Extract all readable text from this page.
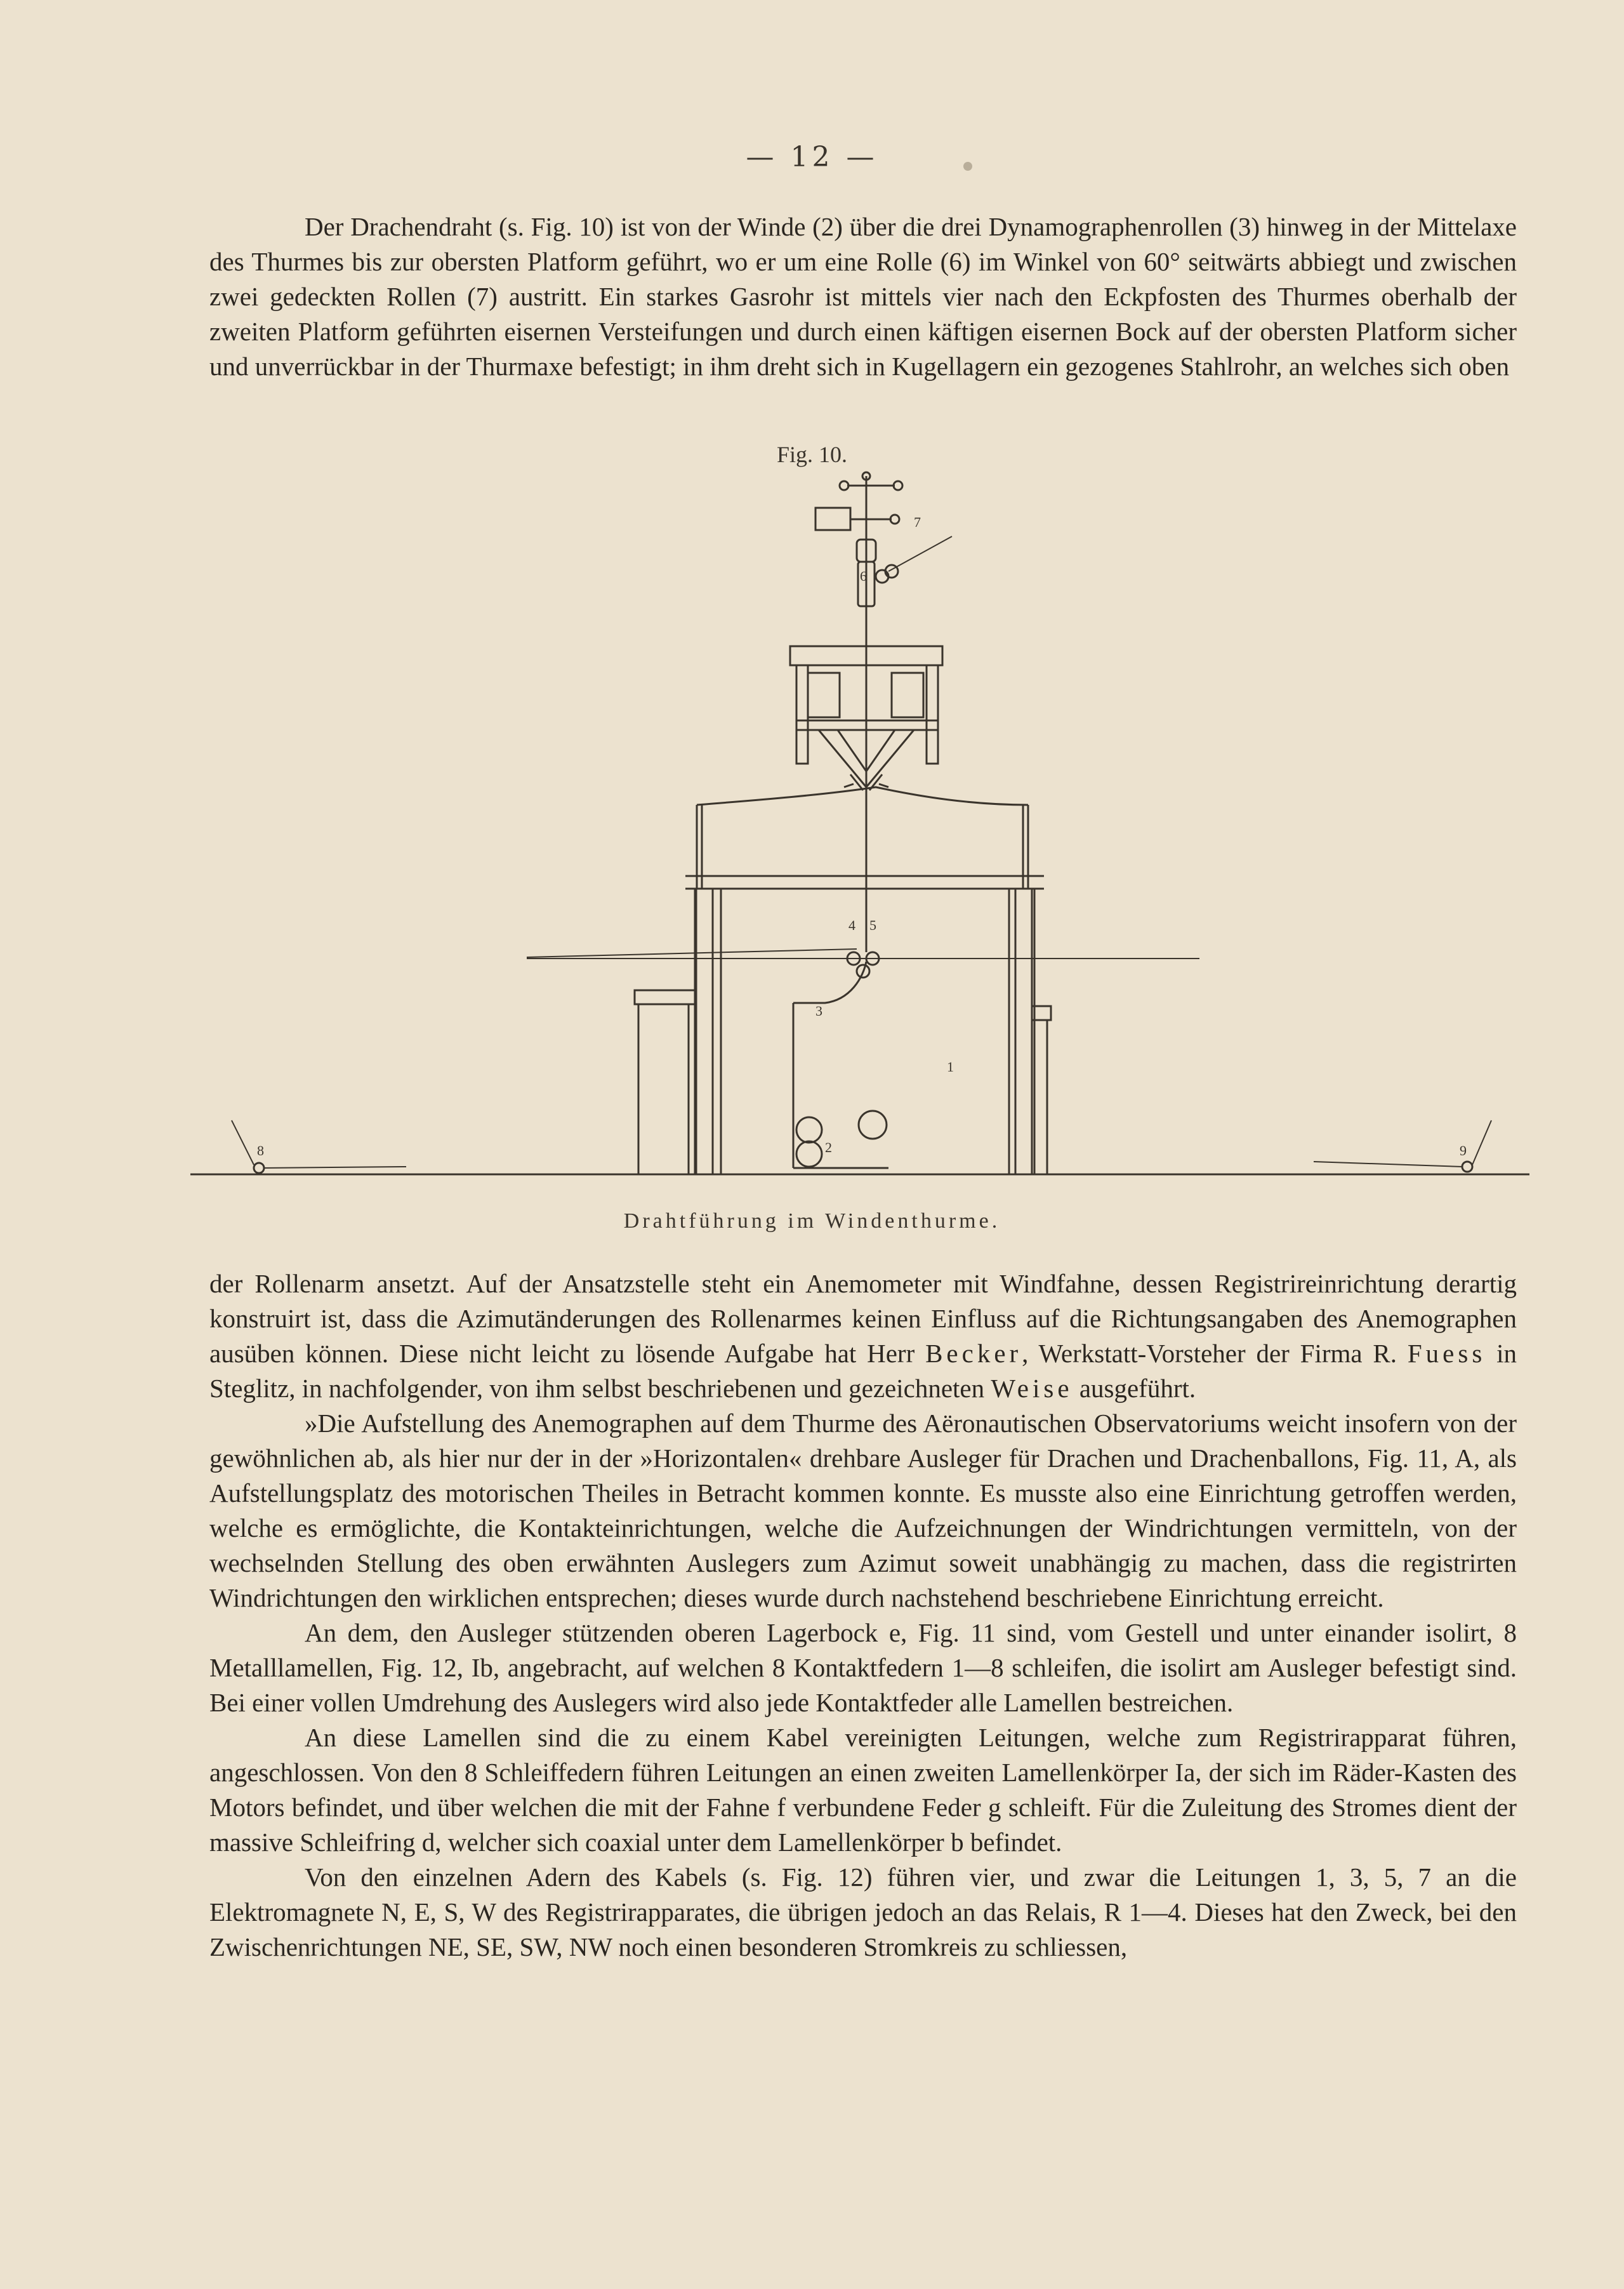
— 12 —

Der Drachendraht (s. Fig. 10) ist von der Winde (2) über die drei Dynamographenrollen (3) hinweg in der Mittelaxe des Thurmes bis zur obersten Platform geführt, wo er um eine Rolle (6) im Winkel von 60° seitwärts abbiegt und zwischen zwei gedeckten Rollen (7) austritt. Ein starkes Gasrohr ist mittels vier nach den Eckpfosten des Thurmes oberhalb der zweiten Platform geführten eisernen Versteifungen und durch einen käftigen eisernen Bock auf der obersten Platform sicher und unverrückbar in der Thurmaxe befestigt; in ihm dreht sich in Kugellagern ein gezogenes Stahlrohr, an welches sich oben

Fig. 10.
7
6
4 5
3
2
1
8	9
Drahtführung im Windenthurme.

der Rollenarm ansetzt. Auf der Ansatzstelle steht ein Anemometer mit Windfahne, dessen Registrireinrichtung derartig konstruirt ist, dass die Azimutänderungen des Rollenarmes keinen Einfluss auf die Richtungsangaben des Anemographen ausüben können. Diese nicht leicht zu lösende Aufgabe hat Herr Becker, Werkstatt-Vorsteher der Firma R. Fuess in Steglitz, in nachfolgender, von ihm selbst beschriebenen und gezeichneten Weise ausgeführt.

»Die Aufstellung des Anemographen auf dem Thurme des Aëronautischen Observatoriums weicht insofern von der gewöhnlichen ab, als hier nur der in der »Horizontalen« drehbare Ausleger für Drachen und Drachenballons, Fig. 11, A, als Aufstellungsplatz des motorischen Theiles in Betracht kommen konnte. Es musste also eine Einrichtung getroffen werden, welche es ermöglichte, die Kontakteinrichtungen, welche die Aufzeichnungen der Windrichtungen vermitteln, von der wechselnden Stellung des oben erwähnten Auslegers zum Azimut soweit unabhängig zu machen, dass die registrirten Windrichtungen den wirklichen entsprechen; dieses wurde durch nachstehend beschriebene Einrichtung erreicht.

An dem, den Ausleger stützenden oberen Lagerbock e, Fig. 11 sind, vom Gestell und unter einander isolirt, 8 Metalllamellen, Fig. 12, Ib, angebracht, auf welchen 8 Kontaktfedern 1—8 schleifen, die isolirt am Ausleger befestigt sind. Bei einer vollen Umdrehung des Auslegers wird also jede Kontaktfeder alle Lamellen bestreichen.

An diese Lamellen sind die zu einem Kabel vereinigten Leitungen, welche zum Registrirapparat führen, angeschlossen. Von den 8 Schleiffedern führen Leitungen an einen zweiten Lamellenkörper Ia, der sich im Räder-Kasten des Motors befindet, und über welchen die mit der Fahne f verbundene Feder g schleift. Für die Zuleitung des Stromes dient der massive Schleifring d, welcher sich coaxial unter dem Lamellenkörper b befindet.

Von den einzelnen Adern des Kabels (s. Fig. 12) führen vier, und zwar die Leitungen 1, 3, 5, 7 an die Elektromagnete N, E, S, W des Registrirapparates, die übrigen jedoch an das Relais, R 1—4. Dieses hat den Zweck, bei den Zwischenrichtungen NE, SE, SW, NW noch einen besonderen Stromkreis zu schliessen,
